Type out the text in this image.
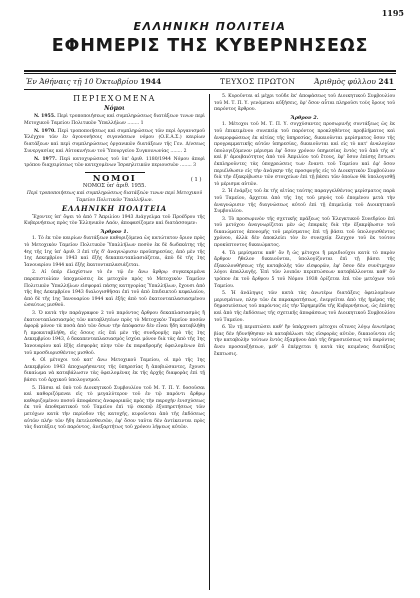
1195
ΕΛΛΗΝΙΚΗ ΠΟΛΙΤΕΙΑ
ΕΦΗΜΕΡΙΣ ΤΗΣ ΚΥΒΕΡΝΗΣΕΩΣ
Ἐν Ἀθήναις τῇ 10 Ὀκτωβρίου 1944	ΤΕΥΧΟΣ ΠΡΩΤΟΝ	Ἀριθμὸς φύλλου 241
ΠΕΡΙΕΧΟΜΕΝΑ
Νόμοι
N. 1955. Περὶ τροποποιήσεως καὶ συμπληρώσεως διατάξεων τινων περὶ Μετοχικοῦ Ταμείου Πολιτικῶν Ὑπαλλήλων ........ 1
N. 1970. Περὶ τροποποιήσεως καὶ συμπληρώσεως τῶν περὶ ὀργανισμοῦ Ἐλέγχου τῶν ἐν ἀγονονήσοις σιγονάσεων νόμου (Ο.Ε.Α.Σ.) καιρίων διατάξεων καὶ περὶ συμπληρώσεως ὀργανικῶν διατάξεων τῆς Γεν. Δ/νσεως Συνεργασίας καὶ Αὐτοκινήτων τοῦ Ὑπουργείου Συγκοινωνίας ........ 2
N. 1977. Περὶ κατοχυρώσεως τοῦ ὑπ' ἀριθ. 1180/1944 Νόμου ἀπορὶ τρόπου διαχειρίσεως τῶν κατεχομένων Ἰσραηλιτικῶν περιουσιῶν ........ 3
ΝΟΜΟΙ	(1)
ΝΟΜΟΣ ὑπ' ἀριθ. 1955.
Περὶ τροποποιήσεως καὶ συμπληρώσεως διατάξεών τινων περὶ Μετοχικοῦ Ταμείου Πολιτικῶν Ὑπαλλήλων.
ΕΛΛΗΝΙΚΗ ΠΟΛΙΤΕΙΑ
Ἔχοντες ὑπ' ὄψει τὸ ἀπὸ 7 Ἀπριλίου 1943 Διάγγελμα τοῦ Προέδρου τῆς Κυβερνήσεως πρὸς τὸν Ἑλληνικὸν Λαόν, ἀποφασίζομεν καὶ διατάσσομεν:
Ἄρθρον 1.
1. Τὸ ἐκ τῶν καιρίων διατάξεων καθοριζόμενα ὡς κατώτατον ὅριον πρὸς τὸ Μετοχικὸν Ταμεῖον Πολιτικῶν Ὑπαλλήλων ποσὸν ἐκ δὲ δωδεκάτης τῆς 4ης τῆς 1ης ὑπ' ἀριθ. 3 ἐπὶ τῆς δ' ἀναγνώρισιν προϋπηρεσίας, ἀπὸ μὲν τῆς 1ης Δεκεμβρίου 1943 καὶ ἑξῆς δεκαπενταπλασιάζεται, ἀπὸ δὲ τῆς 1ης Ἰανουαρίου 1944 καὶ ἑξῆς ἑκατονταπλασιάζεται.
2. Αἱ ὑπὲρ ἐλαχίστων τὸ ἐν τῷ ἐν ἄνω ἄρθρῳ συγκεκριμένα παρεπιστολίαν ὑποχρεώσεις ἐκ μετοχῶν πρὸς τὸ Μετοχικὸν Ταμεῖον Πολιτικῶν Ὑπαλλήλων εἰσφοραὶ πάσης κατηγορίας Ὑπαλλήλων, ἔχουσι ἀπὸ τῆς 8ης Δεκεμβρίου 1943 διαλογισθῆσαι ἐπὶ τοῦ ἀπὸ ἐπιδεικτοῦ κεφαλαίου, ἀπὸ δὲ τῆς 1ης Ἰανουαρίου 1944 καὶ ἑξῆς ἀπὸ τοῦ ἑκατονταπλασιασμένου ὡσαύτως μισθοῦ.
3. Ὁ κατὰ τὴν παράγραφον 2 τοῦ παρόντος ἄρθρου δεκαπλασιασμὸς ἢ ἑκατονταπλασιασμὸς τῶν καταβλητέων πρὸς τὸ Μετοχικὸν Ταμεῖον ποσῶν ἀφορᾷ μόνον τὰ ποσὰ ἀπὸ τῶν ὅσων τὴν ἀπόφασιν δὲν εἶναι ἤδη καταβλήθη ἢ προκαταβλήθη, εἰς ὅσους εἰς ἐπὶ μὲν τῆς συνδρομῆς πρὸ τῆς 1ης Δεκεμβρίου 1943, ὁ δεκαπενταπλασιασμὸς ἰσχύει μόνον διὰ τὰς ἀπὸ τῆς 1ης Ἰανουαρίου καὶ ἑξῆς εἰσφορὰς πλην τῶν ἐκ παραδρομῆς ὀφειλομένων ἐπὶ τοῦ προσδιορισθέντος μισθοῦ.
4. Οἱ μέτοχοι τοῦ κατ' ἄνω Μετοχικοῦ Ταμείου, οἱ πρὸ τῆς 1ης Δεκεμβρίου 1943 ἀποχωρήσαντες τῆς ὑπηρεσίας ἢ ἀποβιώσαντες, ἔχουσι δικαίωμα νὰ καταβάλωσιν τὰς ὀφειλομένας ἐκ τῆς ἀρχῆς διαφορὰς ἐπὶ τῇ βάσει τοῦ ἀρχικοῦ ὑπολογισμοῦ.
5. Πᾶσαι αἱ ὑπὸ τοῦ Διοικητικοῦ Συμβουλίου τοῦ Μ. Τ. Π. Υ. δοσοῦσαι καὶ καθοριζόμεναι εἰς τὸ μεγαλύτερον τοῦ ἐν τῷ παρόντι ἄρθρῳ καθοριζομένου ποσοῦ ἀποφάσεις ἀναφορικῶς πρὸς τὴν παροχὴν ἐνισχύσεως ἐκ τοῦ ἀποθεματικοῦ τοῦ Ταμείου ἐπὶ τῷ σκοπῷ ἐξυπηρετήσεως τῶν μετόχων κατὰ τὴν περίοδον τῆς κατοχῆς, κυροῦνται ἀπὸ τῆς ἐκδόσεως αὐτῶν πλὴν τῶν ἤδη ἐκτελεσθεισῶν, ἐφ' ὅσον ταῦτα δὲν ἀντίκεινται πρὸς τὰς διατάξεις τοῦ παρόντος, ἀνεξαρτήτως τοῦ χρόνου λήψεως αὐτῶν.
5. Κυροῦνται αἱ μέχρι τοῦδε ἐκ' ἀποφάσεως τοῦ Διοικητικοῦ Συμβουλίου τοῦ Μ. Τ. Π. Υ. γενόμεναι αὐξήσεις, ἐφ' ὅσον αὗται πληροῦσι τοὺς ὅρους τοῦ παρόντος ἄρθρου.
Ἄρθρον 2.
1. Μέτοχοι τοῦ Μ. Τ. Π. Υ. συγχύσαντες προσωρινῆς συντάξεως ὡς ἐκ τοῦ ἐπικειμένου συνεπείᾳ τοῦ παρόντος προκληθέντος προβλήματος καὶ ἀναμορφώσεως ἐκ αἰτίας τῆς ὑπηρεσίας, δικαιοῦνται μερίσματος ὅσον τῆς προγραμματικῆς αὐτῶν ὑπηρεσίας, δικαιοῦνται καὶ εἰς τὸ κατ' ἀναλογίαν ὑπολογιζόμενον μέρισμα ἐφ' ὅσον χρόνον ὑπηρεσίας ἐντὸς τοῦ ἀπὸ τῆς α' καὶ β' ἀμοιβαιότητος ἀπὸ τοῦ Ἀπριλίου τοῦ ἔτους, ἐφ' ὅσον ἐπίσης ἔστωσι ἐκπληροῦντες τὰς ὑποχρεώσεις των ἔναντι τοῦ Ταμείου καὶ ἐφ' ὅσον περιέλθωσιν εἰς τὴν ἀνάγκην τῆς προσφυγῆς εἰς τὸ Διοικητικὸν Συμβούλιον διὰ τὴν ἐξακρίβωσιν τῶν στοιχείων ἐπὶ τῇ βάσει τῶν ὁποίων θὰ ὑπολογισθῇ τὸ μέρισμα αὐτῶν.
2. Ἡ ἐνάρξις τοῦ ἐκ τῆς αἰτίας ταύτης παραγγελθέντος μερίσματος παρὰ τοῦ Ταμείου, ἄρχεται ἀπὸ τῆς 1ης τοῦ μηνὸς τοῦ ἑπομένου μετὰ τὴν ἀναγνώρισιν τῆς διαγνώσεως αὐτοῦ ἐπὶ τῇ ἐπιμελείᾳ τοῦ Διοικητικοῦ Συμβουλίου.
3. Τὸ προσωρινὸν τῆς σχετικῆς πράξεως τοῦ Ἐλεγκτικοῦ Συνεδρίου ἐπὶ τοῦ μετόχου ἀναγνωρίζεται μὲν ὡς ἐπαρκὲς διὰ τὴν ἐξακρίβωσιν τοῦ δικαιώματος ἀπονομῆς τοῦ μερίσματος ἐπὶ τῇ βάσει τοῦ ὑπολογισθέντος χρόνου, ἀλλὰ δὲν ἀποκλείει τὸν ἐν συνεχείᾳ ἔλεγχον τοῦ ἐκ τούτου προκύπτοντος δικαιώματος.
4. Τὰ μερίσματα καθ' ὃν ἢ ὡς μέτοχοι ἢ μεριδιοῦχοι κατὰ τὸ παρὸν ἄρθρον ἤθελον δικαιοῦνται, ὑπολογίζονται ἐπὶ τῇ βάσει τῆς ἐξακολουθήσεως τῆς καταβολῆς τῶν εἰσφορῶν, ἐφ' ὅσον δὲν συνέτρεχον λόγοι ἀπαλλαγῆς. Ἐπὶ τῶν λοιπῶν περιπτώσεων καταβάλλονται καθ' ὃν τρόπον ἐκ τοῦ ἄρθρου 5 τοῦ Νόμου 1938 ὁρίζεται ἐπὶ τῶν μετόχων τοῦ Ταμείου.
5. Ἡ ἀνάληψις τῶν κατὰ τὰς ἀνωτέρω διατάξεις ὀφειλομένων μερισμάτων, πλην τῶν ἐκ παρακρατήσεως, ἐνεργεῖται ἀπὸ τῆς ἡμέρας τῆς δημοσιεύσεως τοῦ παρόντος εἰς τὴν Ἐφημερίδα τῆς Κυβερνήσεως, ὡς ἐπίσης καὶ ἀπὸ τῆς ἐκδόσεως τῆς σχετικῆς ἀποφάσεως τοῦ Διοικητικοῦ Συμβουλίου τοῦ Ταμείου.
6. Ἐν τῇ περιπτώσει καθ' ἣν ὑπάρχουσι μέτοχοι οἵτινες λόγῳ ἀνωτέρας βίας δὲν ἠδυνήθησαν νὰ καταβάλωσι τὰς εἰσφορὰς αὐτῶν, δικαιοῦνται εἰς τὴν καταβολὴν τούτων ἐντὸς ἑξαμήνου ἀπὸ τῆς δημοσιεύσεως τοῦ παρόντος ἄνευ προσαυξήσεων, μεθ' ὃ ἐπέρχεται ἡ κατὰ τὰς κειμένας διατάξεις ἔκπτωσις.
